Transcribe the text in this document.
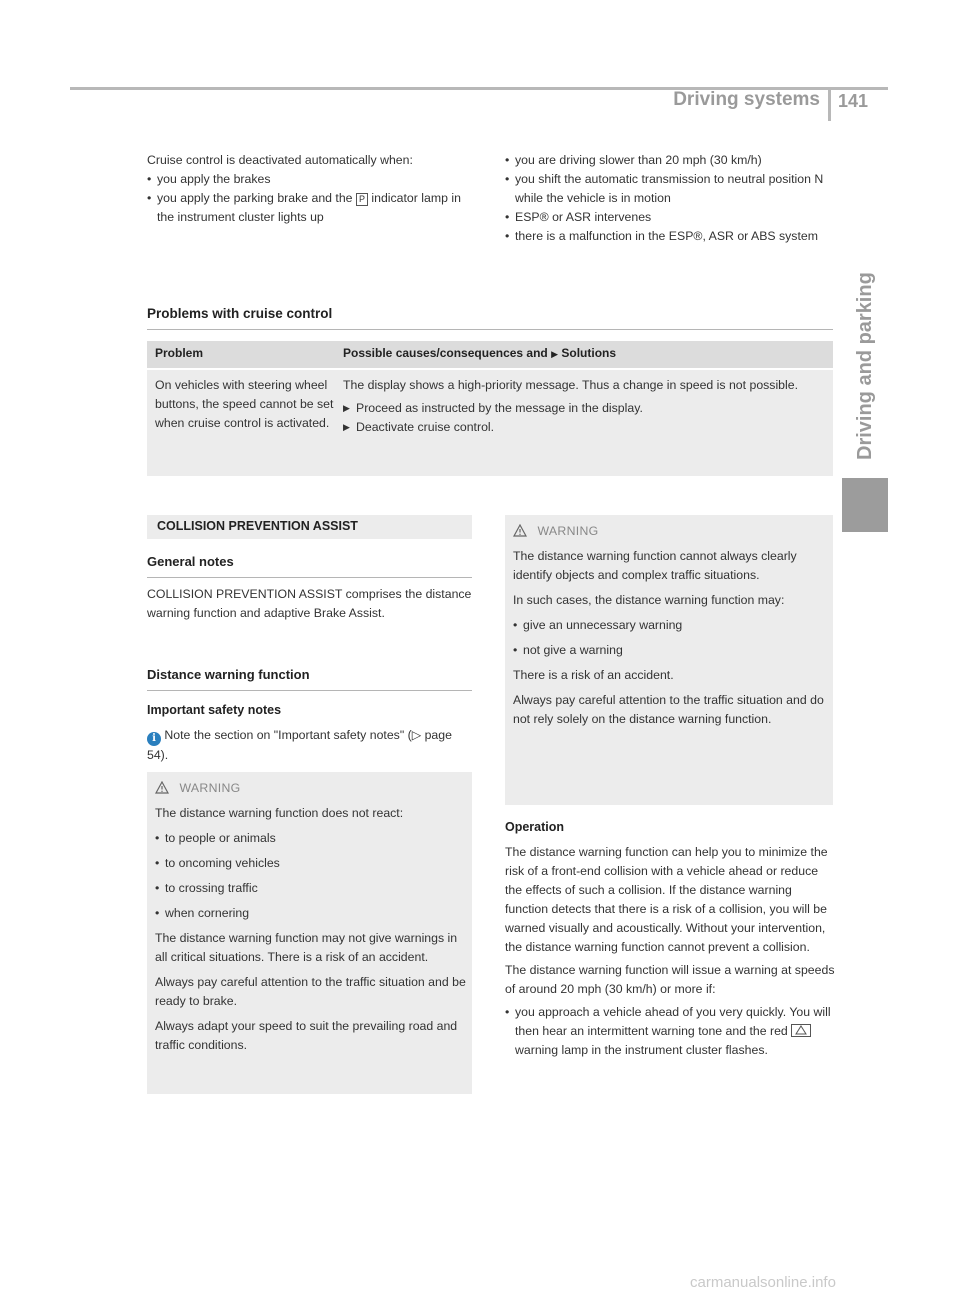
Driving systems 141
Driving and parking
Cruise control is deactivated automatically when:
• you apply the brakes
• you apply the parking brake and the P indicator lamp in the instrument cluster lights up
• you are driving slower than 20 mph (30 km/h)
• you shift the automatic transmission to neutral position N while the vehicle is in motion
• ESP® or ASR intervenes
• there is a malfunction in the ESP®, ASR or ABS system
Problems with cruise control
Problem	Possible causes/consequences and ▶ Solutions
On vehicles with steering wheel buttons, the speed cannot be set when cruise control is activated.
The display shows a high-priority message. Thus a change in speed is not possible.
▶ Proceed as instructed by the message in the display.
▶ Deactivate cruise control.
COLLISION PREVENTION ASSIST
General notes
COLLISION PREVENTION ASSIST comprises the distance warning function and adaptive Brake Assist.
Distance warning function
Important safety notes
i Note the section on "Important safety notes" (▷ page 54).
WARNING
The distance warning function does not react:
• to people or animals
• to oncoming vehicles
• to crossing traffic
• when cornering
The distance warning function may not give warnings in all critical situations. There is a risk of an accident.
Always pay careful attention to the traffic situation and be ready to brake.
Always adapt your speed to suit the prevailing road and traffic conditions.
WARNING
The distance warning function cannot always clearly identify objects and complex traffic situations.
In such cases, the distance warning function may:
• give an unnecessary warning
• not give a warning
There is a risk of an accident.
Always pay careful attention to the traffic situation and do not rely solely on the distance warning function.
Operation
The distance warning function can help you to minimize the risk of a front-end collision with a vehicle ahead or reduce the effects of such a collision. If the distance warning function detects that there is a risk of a collision, you will be warned visually and acoustically. Without your intervention, the distance warning function cannot prevent a collision.
The distance warning function will issue a warning at speeds of around 20 mph (30 km/h) or more if:
• you approach a vehicle ahead of you very quickly. You will then hear an intermittent warning tone and the red  warning lamp in the instrument cluster flashes.
carmanualsonline.info
